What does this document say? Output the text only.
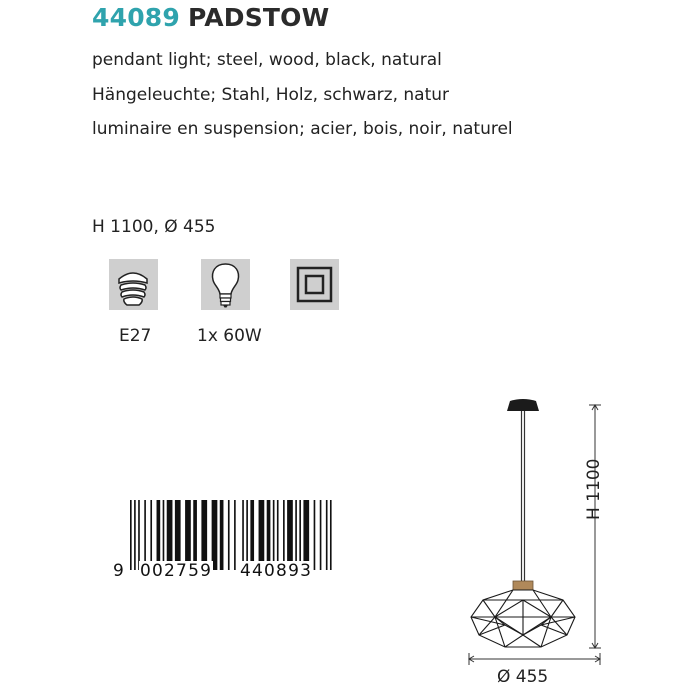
44089 PADSTOW
pendant light; steel, wood, black, natural
Hängeleuchte; Stahl, Holz, schwarz, natur
luminaire en suspension; acier, bois, noir, naturel
H 1100, Ø 455
E27	1x 60W
9 002759 440893
H 1100
Ø 455
